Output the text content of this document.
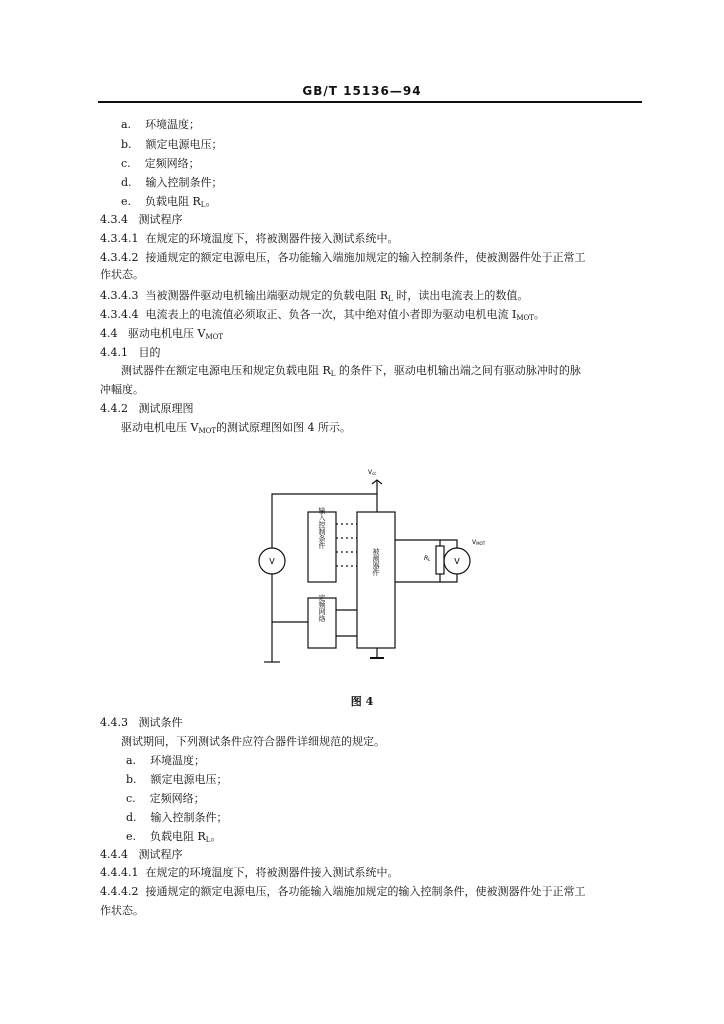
GB/T 15136—94
a. 环境温度；
b. 额定电源电压；
c. 定频网络；
d. 输入控制条件；
e. 负载电阻 $R_L$。
4.3.4 测试程序
4.3.4.1 在规定的环境温度下，将被测器件接入测试系统中。
4.3.4.2 接通规定的额定电源电压，各功能输入端施加规定的输入控制条件，使被测器件处于正常工
作状态。
4.3.4.3 当被测器件驱动电机输出端驱动规定的负载电阻 $R_L$ 时，读出电流表上的数值。
4.3.4.4 电流表上的电流值必须取正、负各一次，其中绝对值小者即为驱动电机电流 $I_{MOT}$。
4.4 驱动电机电压 $V_{MOT}$
4.4.1 目的
测试器件在额定电源电压和规定负载电阻 $R_L$ 的条件下，驱动电机输出端之间有驱动脉冲时的脉
冲幅度。
4.4.2 测试原理图
驱动电机电压 $V_{MOT}$的测试原理图如图 4 所示。
Vcc
VMOT
V	V
RL
输入控制条件
被测器件
定频网络
图 4
4.4.3 测试条件
测试期间，下列测试条件应符合器件详细规范的规定。
a. 环境温度；
b. 额定电源电压；
c. 定频网络；
d. 输入控制条件；
e. 负载电阻 $R_L$。
4.4.4 测试程序
4.4.4.1 在规定的环境温度下，将被测器件接入测试系统中。
4.4.4.2 接通规定的额定电源电压，各功能输入端施加规定的输入控制条件，使被测器件处于正常工
作状态。
